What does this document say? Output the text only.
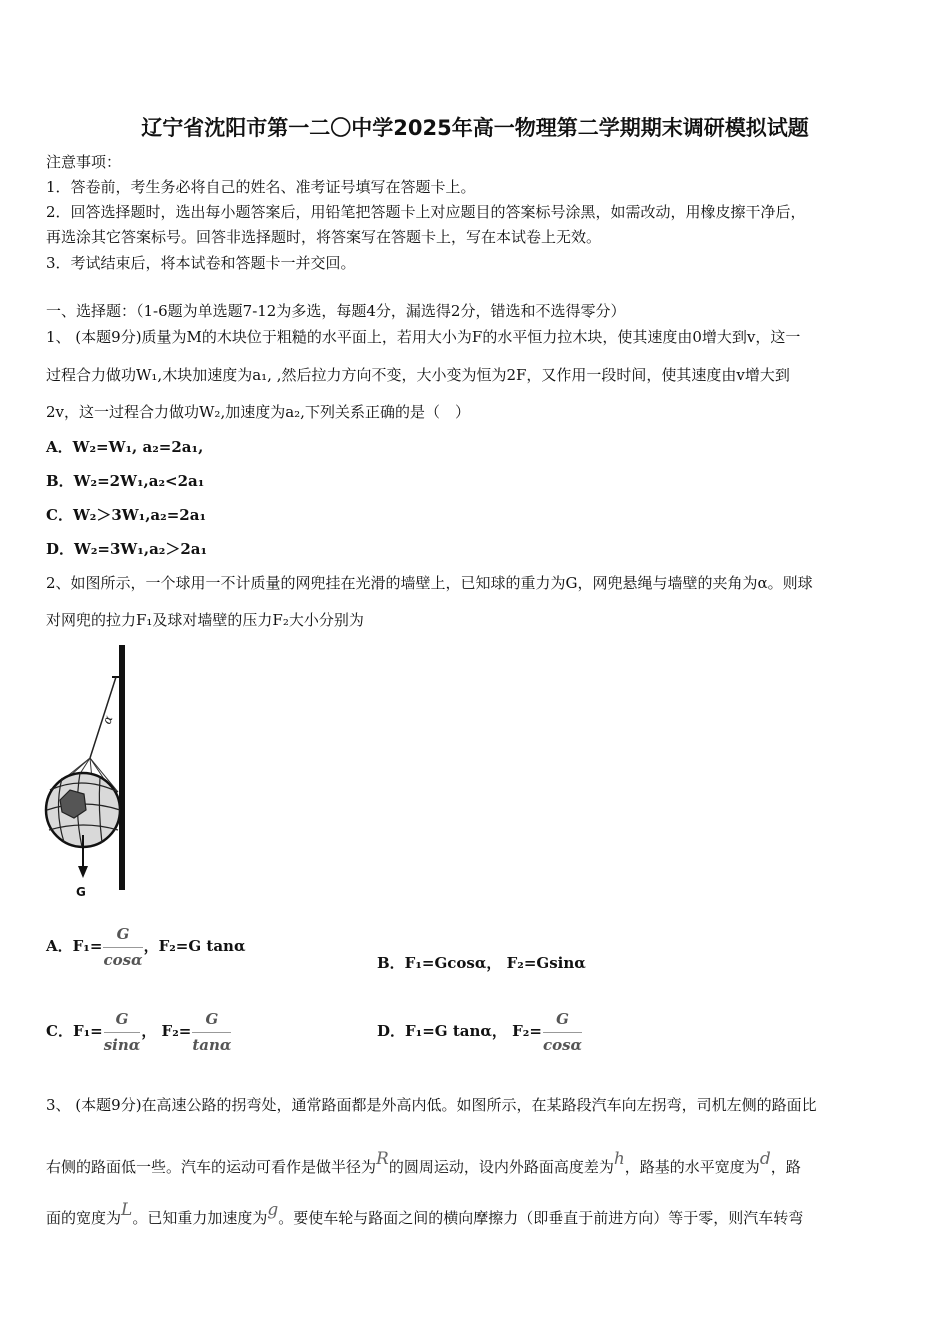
辽宁省沈阳市第一二〇中学2025年高一物理第二学期期末调研模拟试题
注意事项：
1．答卷前，考生务必将自己的姓名、准考证号填写在答题卡上。
2．回答选择题时，选出每小题答案后，用铅笔把答题卡上对应题目的答案标号涂黑，如需改动，用橡皮擦干净后，
再选涂其它答案标号。回答非选择题时，将答案写在答题卡上，写在本试卷上无效。
3．考试结束后，将本试卷和答题卡一并交回。
一、选择题：（1-6题为单选题7-12为多选，每题4分，漏选得2分，错选和不选得零分）
1、 (本题9分)质量为M的木块位于粗糙的水平面上，若用大小为F的水平恒力拉木块，使其速度由0增大到v，这一
过程合力做功W₁,木块加速度为a₁, ,然后拉力方向不变，大小变为恒为2F，又作用一段时间，使其速度由v增大到
2v，这一过程合力做功W₂,加速度为a₂,下列关系正确的是（　）
A．W₂=W₁, a₂=2a₁,
B．W₂=2W₁,a₂<2a₁
C．W₂＞3W₁,a₂=2a₁
D．W₂=3W₁,a₂＞2a₁
2、如图所示，一个球用一不计质量的网兜挂在光滑的墙壁上，已知球的重力为G，网兜悬绳与墙壁的夹角为α。则球
对网兜的拉力F₁及球对墙壁的压力F₂大小分别为
α
G
A．$F_1= \frac{G}{\cos\alpha}$ ，F₂=G tanα
B．F₁=Gcosα， F₂=Gsinα
C．$F_1= \frac{G}{\sin\alpha}$ ， $F_2= \frac{G}{\tan\alpha}$	D．F₁=G tanα， $F_2= \frac{G}{\cos\alpha}$
3、 (本题9分)在高速公路的拐弯处，通常路面都是外高内低。如图所示，在某路段汽车向左拐弯，司机左侧的路面比
右侧的路面低一些。汽车的运动可看作是做半径为R的圆周运动，设内外路面高度差为h，路基的水平宽度为d，路
面的宽度为L。已知重力加速度为g。要使车轮与路面之间的横向摩擦力（即垂直于前进方向）等于零，则汽车转弯
